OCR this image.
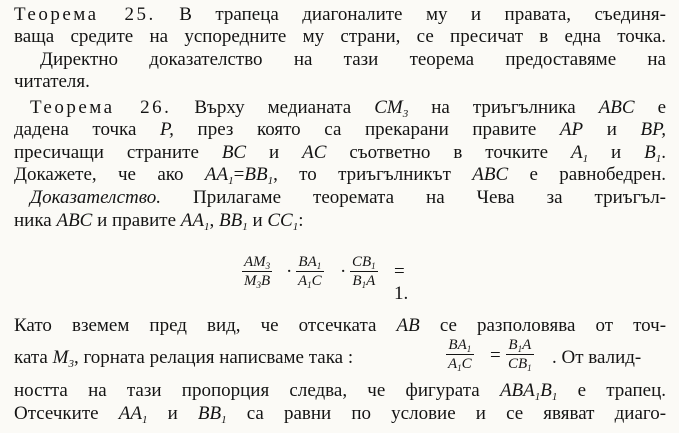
Теорема 25. В трапеца диагоналите му и правата, съединя-
ваща средите на успоредните му страни, се пресичат в една точка.
Директно доказателство на тази теорема предоставяме на
читателя.
Теорема 26. Върху медианата $CM_3$ на триъгълника ABC е
дадена точка P, през която са прекарани правите AP и BP,
пресичащи страните BC и AC съответно в точките $A_1$ и $B_1$.
Докажете, че ако $AA_1=BB_1$, то триъгълникът ABC е равнобедрен.
Доказателство. Прилагаме теоремата на Чева за триъгъл-
ника ABC и правите $AA_1$, $BB_1$ и $CC_1$:
$\frac{AM_3}{M_3B} \cdot \frac{BA_1}{A_1C} \cdot \frac{CB_1}{B_1A} = 1$.
Като вземем пред вид, че отсечката AB се разполовява от точ-
ката $M_3$, горната релация написваме така :	$\frac{BA_1}{A_1C} = \frac{B_1A}{CB_1}$ . От валид-
ността на тази пропорция следва, че фигурата $ABA_1B_1$ е трапец.
Отсечките $AA_1$ и $BB_1$ са равни по условие и се явяват диаго-
